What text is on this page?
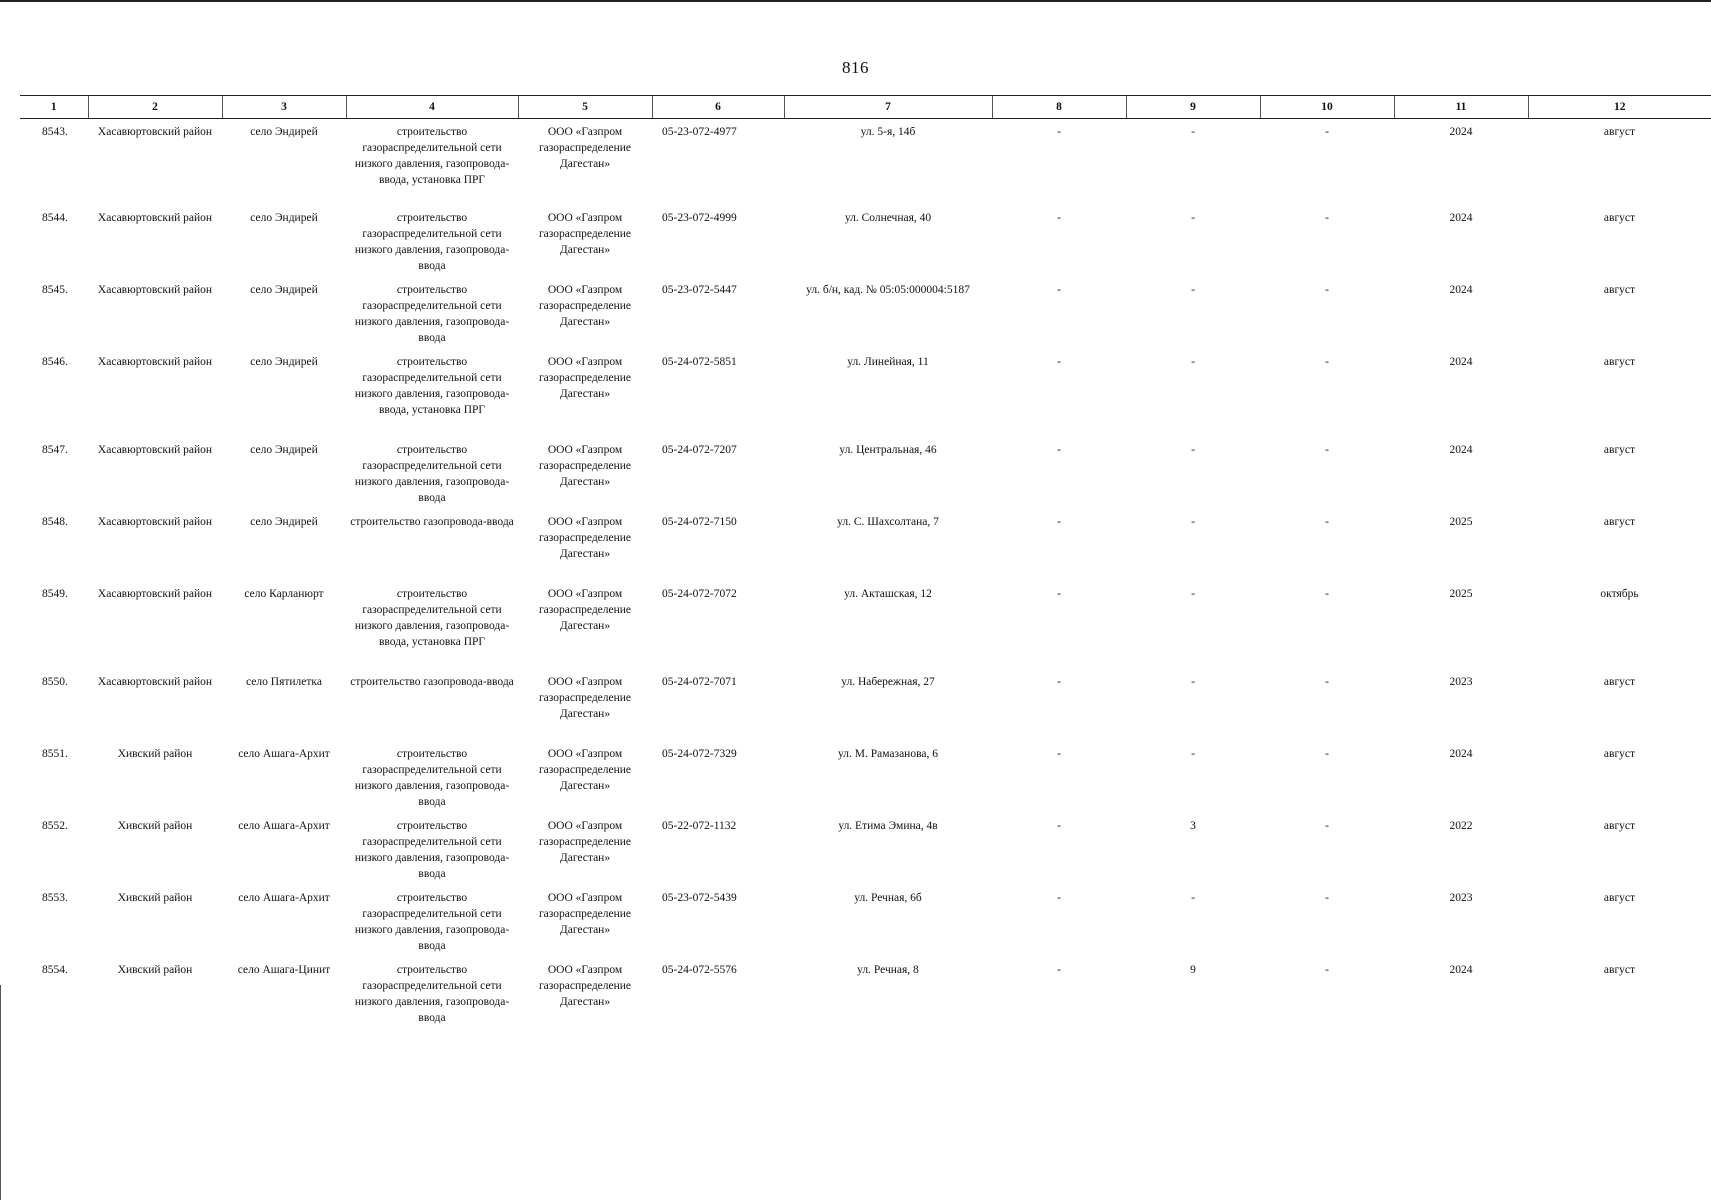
816
1	2	3	4	5	6	7	8	9	10	11	12
8543.	Хасавюртовский район	село Эндирей	строительство газораспределительной сети низкого давления, газопровода-ввода, установка ПРГ	ООО «Газпром газораспределение Дагестан»	05-23-072-4977	ул. 5-я, 14б	-	-	-	2024	август
8544.	Хасавюртовский район	село Эндирей	строительство газораспределительной сети низкого давления, газопровода-ввода	ООО «Газпром газораспределение Дагестан»	05-23-072-4999	ул. Солнечная, 40	-	-	-	2024	август
8545.	Хасавюртовский район	село Эндирей	строительство газораспределительной сети низкого давления, газопровода-ввода	ООО «Газпром газораспределение Дагестан»	05-23-072-5447	ул. б/н, кад. № 05:05:000004:5187	-	-	-	2024	август
8546.	Хасавюртовский район	село Эндирей	строительство газораспределительной сети низкого давления, газопровода-ввода, установка ПРГ	ООО «Газпром газораспределение Дагестан»	05-24-072-5851	ул. Линейная, 11	-	-	-	2024	август
8547.	Хасавюртовский район	село Эндирей	строительство газораспределительной сети низкого давления, газопровода-ввода	ООО «Газпром газораспределение Дагестан»	05-24-072-7207	ул. Центральная, 46	-	-	-	2024	август
8548.	Хасавюртовский район	село Эндирей	строительство газопровода-ввода	ООО «Газпром газораспределение Дагестан»	05-24-072-7150	ул. С. Шахсолтана, 7	-	-	-	2025	август
8549.	Хасавюртовский район	село Карланюрт	строительство газораспределительной сети низкого давления, газопровода-ввода, установка ПРГ	ООО «Газпром газораспределение Дагестан»	05-24-072-7072	ул. Акташская, 12	-	-	-	2025	октябрь
8550.	Хасавюртовский район	село Пятилетка	строительство газопровода-ввода	ООО «Газпром газораспределение Дагестан»	05-24-072-7071	ул. Набережная, 27	-	-	-	2023	август
8551.	Хивский район	село Ашага-Архит	строительство газораспределительной сети низкого давления, газопровода-ввода	ООО «Газпром газораспределение Дагестан»	05-24-072-7329	ул. М. Рамазанова, 6	-	-	-	2024	август
8552.	Хивский район	село Ашага-Архит	строительство газораспределительной сети низкого давления, газопровода-ввода	ООО «Газпром газораспределение Дагестан»	05-22-072-1132	ул. Етима Эмина, 4в	-	3	-	2022	август
8553.	Хивский район	село Ашага-Архит	строительство газораспределительной сети низкого давления, газопровода-ввода	ООО «Газпром газораспределение Дагестан»	05-23-072-5439	ул. Речная, 6б	-	-	-	2023	август
8554.	Хивский район	село Ашага-Цинит	строительство газораспределительной сети низкого давления, газопровода-ввода	ООО «Газпром газораспределение Дагестан»	05-24-072-5576	ул. Речная, 8	-	9	-	2024	август
